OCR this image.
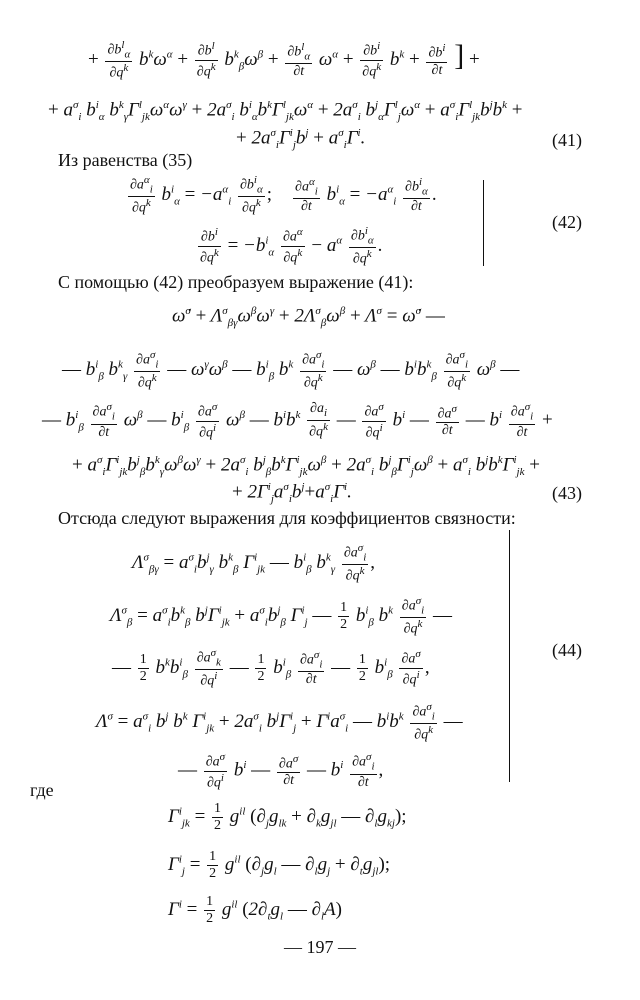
+ $\frac{\partial b^l_\alpha}{\partial q^k} b^k\omega^\alpha + \frac{\partial b^l}{\partial q^k} b^k_\beta\omega^\beta + \frac{\partial b^l_\alpha}{\partial t} \omega^\alpha + \frac{\partial b^i}{\partial q^k} b^k + \frac{\partial b^i}{\partial t}$ ] +
+ $a^\sigma_i$ $b^i_\alpha$ $b^k_\gamma\Gamma^l_{jk}\omega^\alpha\omega^\gamma + 2a^\sigma_i$ $b^i_\alpha b^k\Gamma^l_{jk}\omega^\alpha + 2a^\sigma_i$ $b^j_\alpha\Gamma^l_j\omega^\alpha + a^\sigma_i\Gamma^l_{jk}b^jb^k$ +
+ $2a^\sigma_i\Gamma^i_jb^j + a^\sigma_i\Gamma^i$.	(41)
Из равенства (35)
$\frac{\partial a^\alpha_i}{\partial q^k} b^i_\alpha = -a^\alpha_i \frac{\partial b^i_\alpha}{\partial q^k}$ ; $\frac{\partial a^\alpha_i}{\partial t} b^i_\alpha = -a^\alpha_i \frac{\partial b^i_\alpha}{\partial t}$ .
$\frac{\partial b^i}{\partial q^k} = -b^i_\alpha \frac{\partial a^\alpha}{\partial q^k} - a^\alpha \frac{\partial b^i_\alpha}{\partial q^k}$ .
(42)
С помощью (42) преобразуем выражение (41):
ω̇$^\sigma$ + $\Lambda^\sigma_{\beta\gamma}\omega^\beta\omega^\gamma + 2\Lambda^\sigma_\beta\omega^\beta + \Lambda^\sigma$ = ω̇$^\sigma$ —
— $b^i_\beta$ $b^k_\gamma \frac{\partial a^\sigma_i}{\partial q^k}$ — $\omega^\gamma\omega^\beta$ — $b^i_\beta$ $b^k \frac{\partial a^\sigma_i}{\partial q^k}$ — $\omega^\beta$ — $b^ib^k_\beta \frac{\partial a^\sigma_i}{\partial q^k} \omega^\beta$ —
— $b^i_\beta \frac{\partial a^\sigma_i}{\partial t} \omega^\beta$ — $b^i_\beta \frac{\partial a^\sigma}{\partial q^i} \omega^\beta$ — $b^ib^k \frac{\partial a_i}{\partial q^k}$ — $\frac{\partial a^\sigma}{\partial q^i} b^i$ — $\frac{\partial a^\sigma}{\partial t}$ — $b^i \frac{\partial a^\sigma_i}{\partial t}$ +
+ $a^\sigma_i\Gamma^i_{jk}b^j_\beta b^k_\gamma\omega^\beta\omega^\gamma + 2a^\sigma_i$ $b^j_\beta b^k\Gamma^i_{jk}\omega^\beta + 2a^\sigma_i$ $b^j_\beta\Gamma^i_j\omega^\beta + a^\sigma_i$ $b^jb^k\Gamma^i_{jk}$ +
+ $2\Gamma^i_ja^\sigma_ib^j+a^\sigma_i\Gamma^i$.	(43)
Отсюда следуют выражения для коэффициентов связности:
$\Lambda^\sigma_{\beta\gamma} = a^\sigma_ib^j_\gamma$ $b^k_\beta$ $\Gamma^i_{jk}$ — $b^i_\beta$ $b^k_\gamma \frac{\partial a^\sigma_i}{\partial q^k}$ ,
$\Lambda^\sigma_\beta = a^\sigma_ib^k_\beta$ $b^j\Gamma^i_{jk} + a^\sigma_ib^j_\beta$ $\Gamma^i_j$ — $\frac{1}{2} b^i_\beta$ $b^k \frac{\partial a^\sigma_i}{\partial q^k}$ —
— $\frac{1}{2} b^kb^i_\beta \frac{\partial a^\sigma_k}{\partial q^i}$ — $\frac{1}{2} b^i_\beta \frac{\partial a^\sigma_i}{\partial t}$ — $\frac{1}{2} b^i_\beta \frac{\partial a^\sigma}{\partial q^i}$ ,
$\Lambda^\sigma = a^\sigma_i$ $b^j$ $b^k$ $\Gamma^i_{jk} + 2a^\sigma_i$ $b^j\Gamma^i_j + \Gamma^ia^\sigma_i$ — $b^ib^k \frac{\partial a^\sigma_i}{\partial q^k}$ —
— $\frac{\partial a^\sigma}{\partial q^i} b^i$ — $\frac{\partial a^\sigma}{\partial t}$ — $b^i \frac{\partial a^\sigma_i}{\partial t}$ ,
(44)
где
$\Gamma^i_{jk} = \frac{1}{2} g^{il}$ ($\partial_jg_{lk} + \partial_kg_{jl}$ — $\partial_lg_{kj}$);
$\Gamma^i_j = \frac{1}{2} g^{il}$ ($\partial_jg_l$ — $\partial_lg_j + \partial_tg_{jl}$);
$\Gamma^i = \frac{1}{2} g^{il}$ ($2\partial_tg_l$ — $\partial_lA$)
— 197 —
